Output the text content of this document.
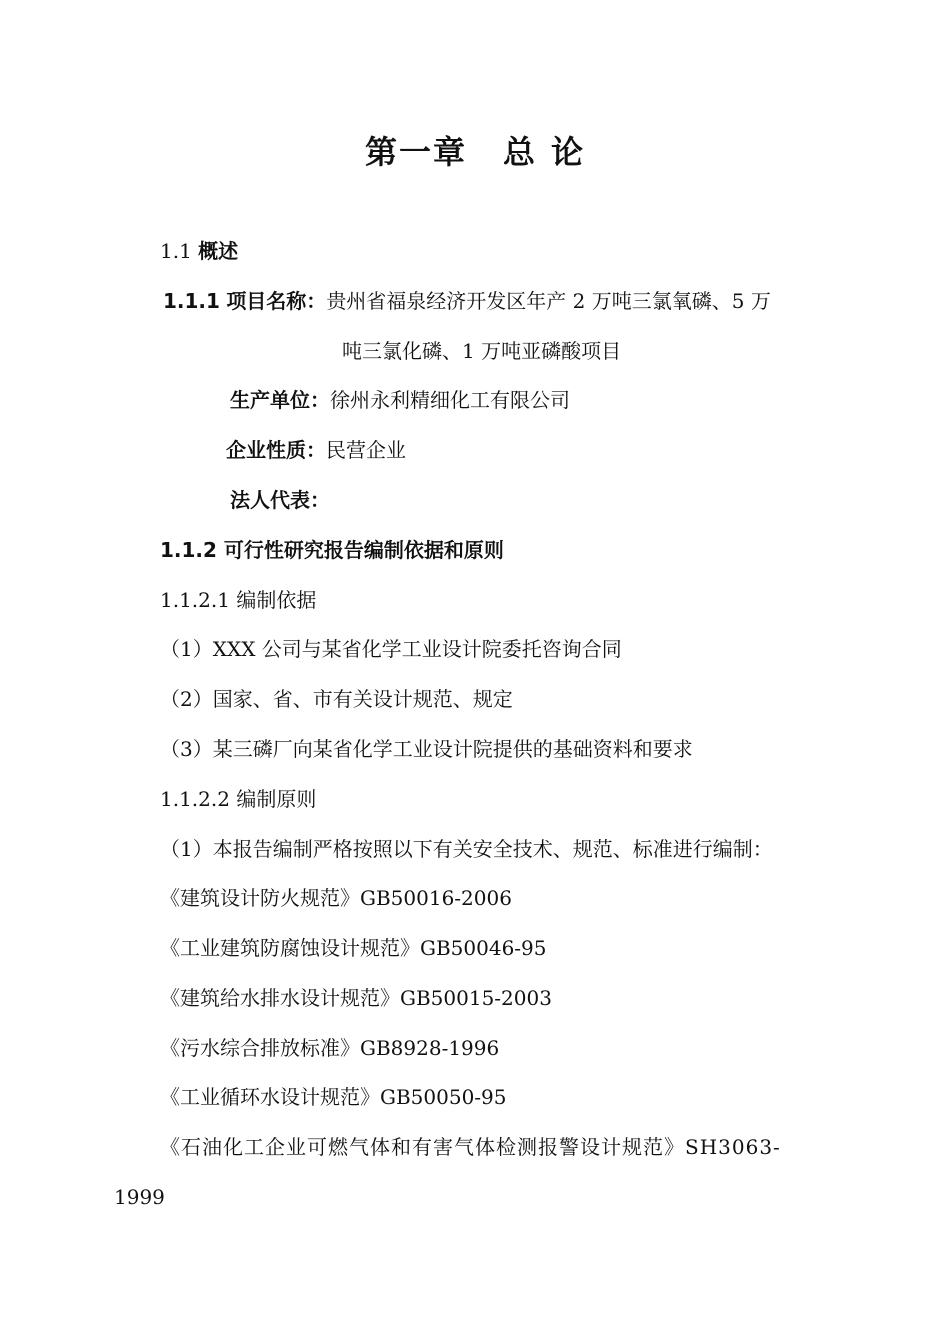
第一章 总 论
1.1 概述
1.1.1 项目名称：贵州省福泉经济开发区年产 2 万吨三氯氧磷、5 万
吨三氯化磷、1 万吨亚磷酸项目
生产单位：徐州永利精细化工有限公司
企业性质：民营企业
法人代表：
1.1.2 可行性研究报告编制依据和原则
1.1.2.1 编制依据
（1）XXX 公司与某省化学工业设计院委托咨询合同
（2）国家、省、市有关设计规范、规定
（3）某三磷厂向某省化学工业设计院提供的基础资料和要求
1.1.2.2 编制原则
（1）本报告编制严格按照以下有关安全技术、规范、标准进行编制：
《建筑设计防火规范》GB50016-2006
《工业建筑防腐蚀设计规范》GB50046-95
《建筑给水排水设计规范》GB50015-2003
《污水综合排放标准》GB8928-1996
《工业循环水设计规范》GB50050-95
《石油化工企业可燃气体和有害气体检测报警设计规范》SH3063-
1999
